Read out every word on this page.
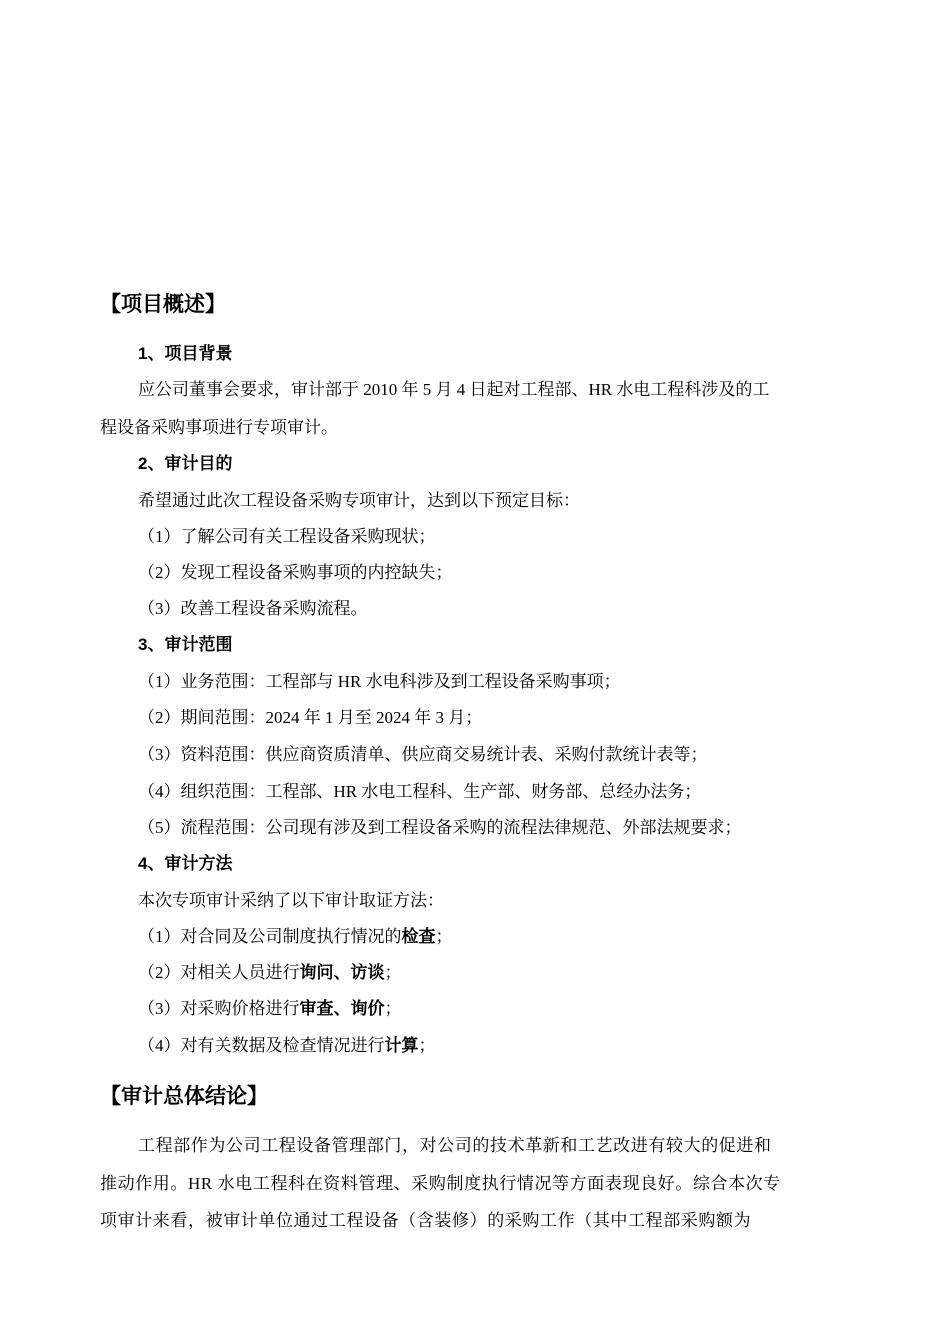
【项目概述】
1、项目背景
应公司董事会要求，审计部于 2010 年 5 月 4 日起对工程部、HR 水电工程科涉及的工
程设备采购事项进行专项审计。
2、审计目的
希望通过此次工程设备采购专项审计，达到以下预定目标：
（1）了解公司有关工程设备采购现状；
（2）发现工程设备采购事项的内控缺失；
（3）改善工程设备采购流程。
3、审计范围
（1）业务范围：工程部与 HR 水电科涉及到工程设备采购事项；
（2）期间范围：2024 年 1 月至 2024 年 3 月；
（3）资料范围：供应商资质清单、供应商交易统计表、采购付款统计表等；
（4）组织范围：工程部、HR 水电工程科、生产部、财务部、总经办法务；
（5）流程范围：公司现有涉及到工程设备采购的流程法律规范、外部法规要求；
4、审计方法
本次专项审计采纳了以下审计取证方法：
（1）对合同及公司制度执行情况的检查；
（2）对相关人员进行询问、访谈；
（3）对采购价格进行审查、询价；
（4）对有关数据及检查情况进行计算；
【审计总体结论】
工程部作为公司工程设备管理部门，对公司的技术革新和工艺改进有较大的促进和
推动作用。HR 水电工程科在资料管理、采购制度执行情况等方面表现良好。综合本次专
项审计来看，被审计单位通过工程设备（含装修）的采购工作（其中工程部采购额为
